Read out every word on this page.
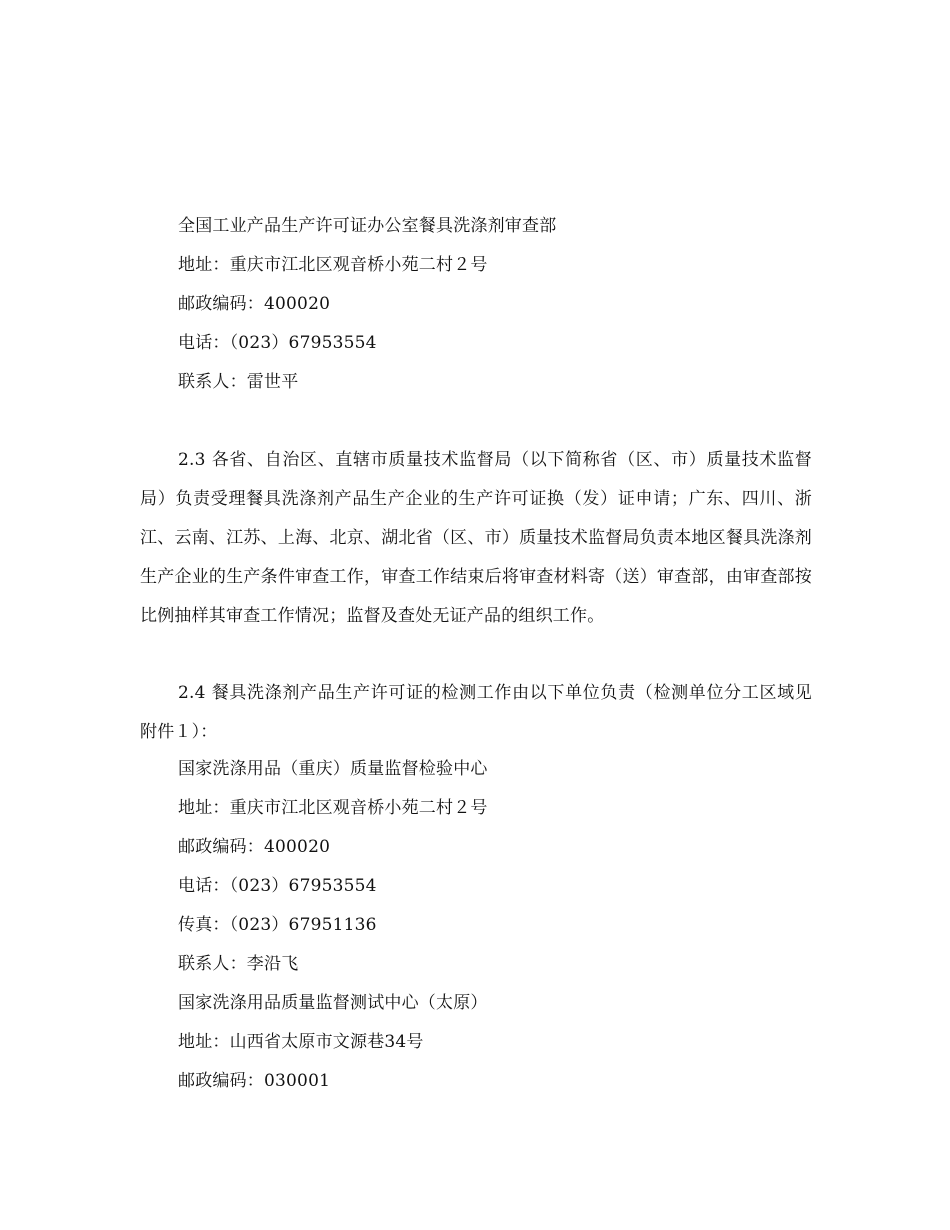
全国工业产品生产许可证办公室餐具洗涤剂审查部
地址：重庆市江北区观音桥小苑二村２号
邮政编码：400020
电话：（023）67953554
联系人：雷世平
2.3 各省、自治区、直辖市质量技术监督局（以下简称省（区、市）质量技术监督局）负责受理餐具洗涤剂产品生产企业的生产许可证换（发）证申请；广东、四川、浙江、云南、江苏、上海、北京、湖北省（区、市）质量技术监督局负责本地区餐具洗涤剂生产企业的生产条件审查工作，审查工作结束后将审查材料寄（送）审查部，由审查部按比例抽样其审查工作情况；监督及查处无证产品的组织工作。
2.4 餐具洗涤剂产品生产许可证的检测工作由以下单位负责（检测单位分工区域见附件１）：
国家洗涤用品（重庆）质量监督检验中心
地址：重庆市江北区观音桥小苑二村２号
邮政编码：400020
电话：（023）67953554
传真：（023）67951136
联系人：李沿飞
国家洗涤用品质量监督测试中心（太原）
地址：山西省太原市文源巷34号
邮政编码：030001
